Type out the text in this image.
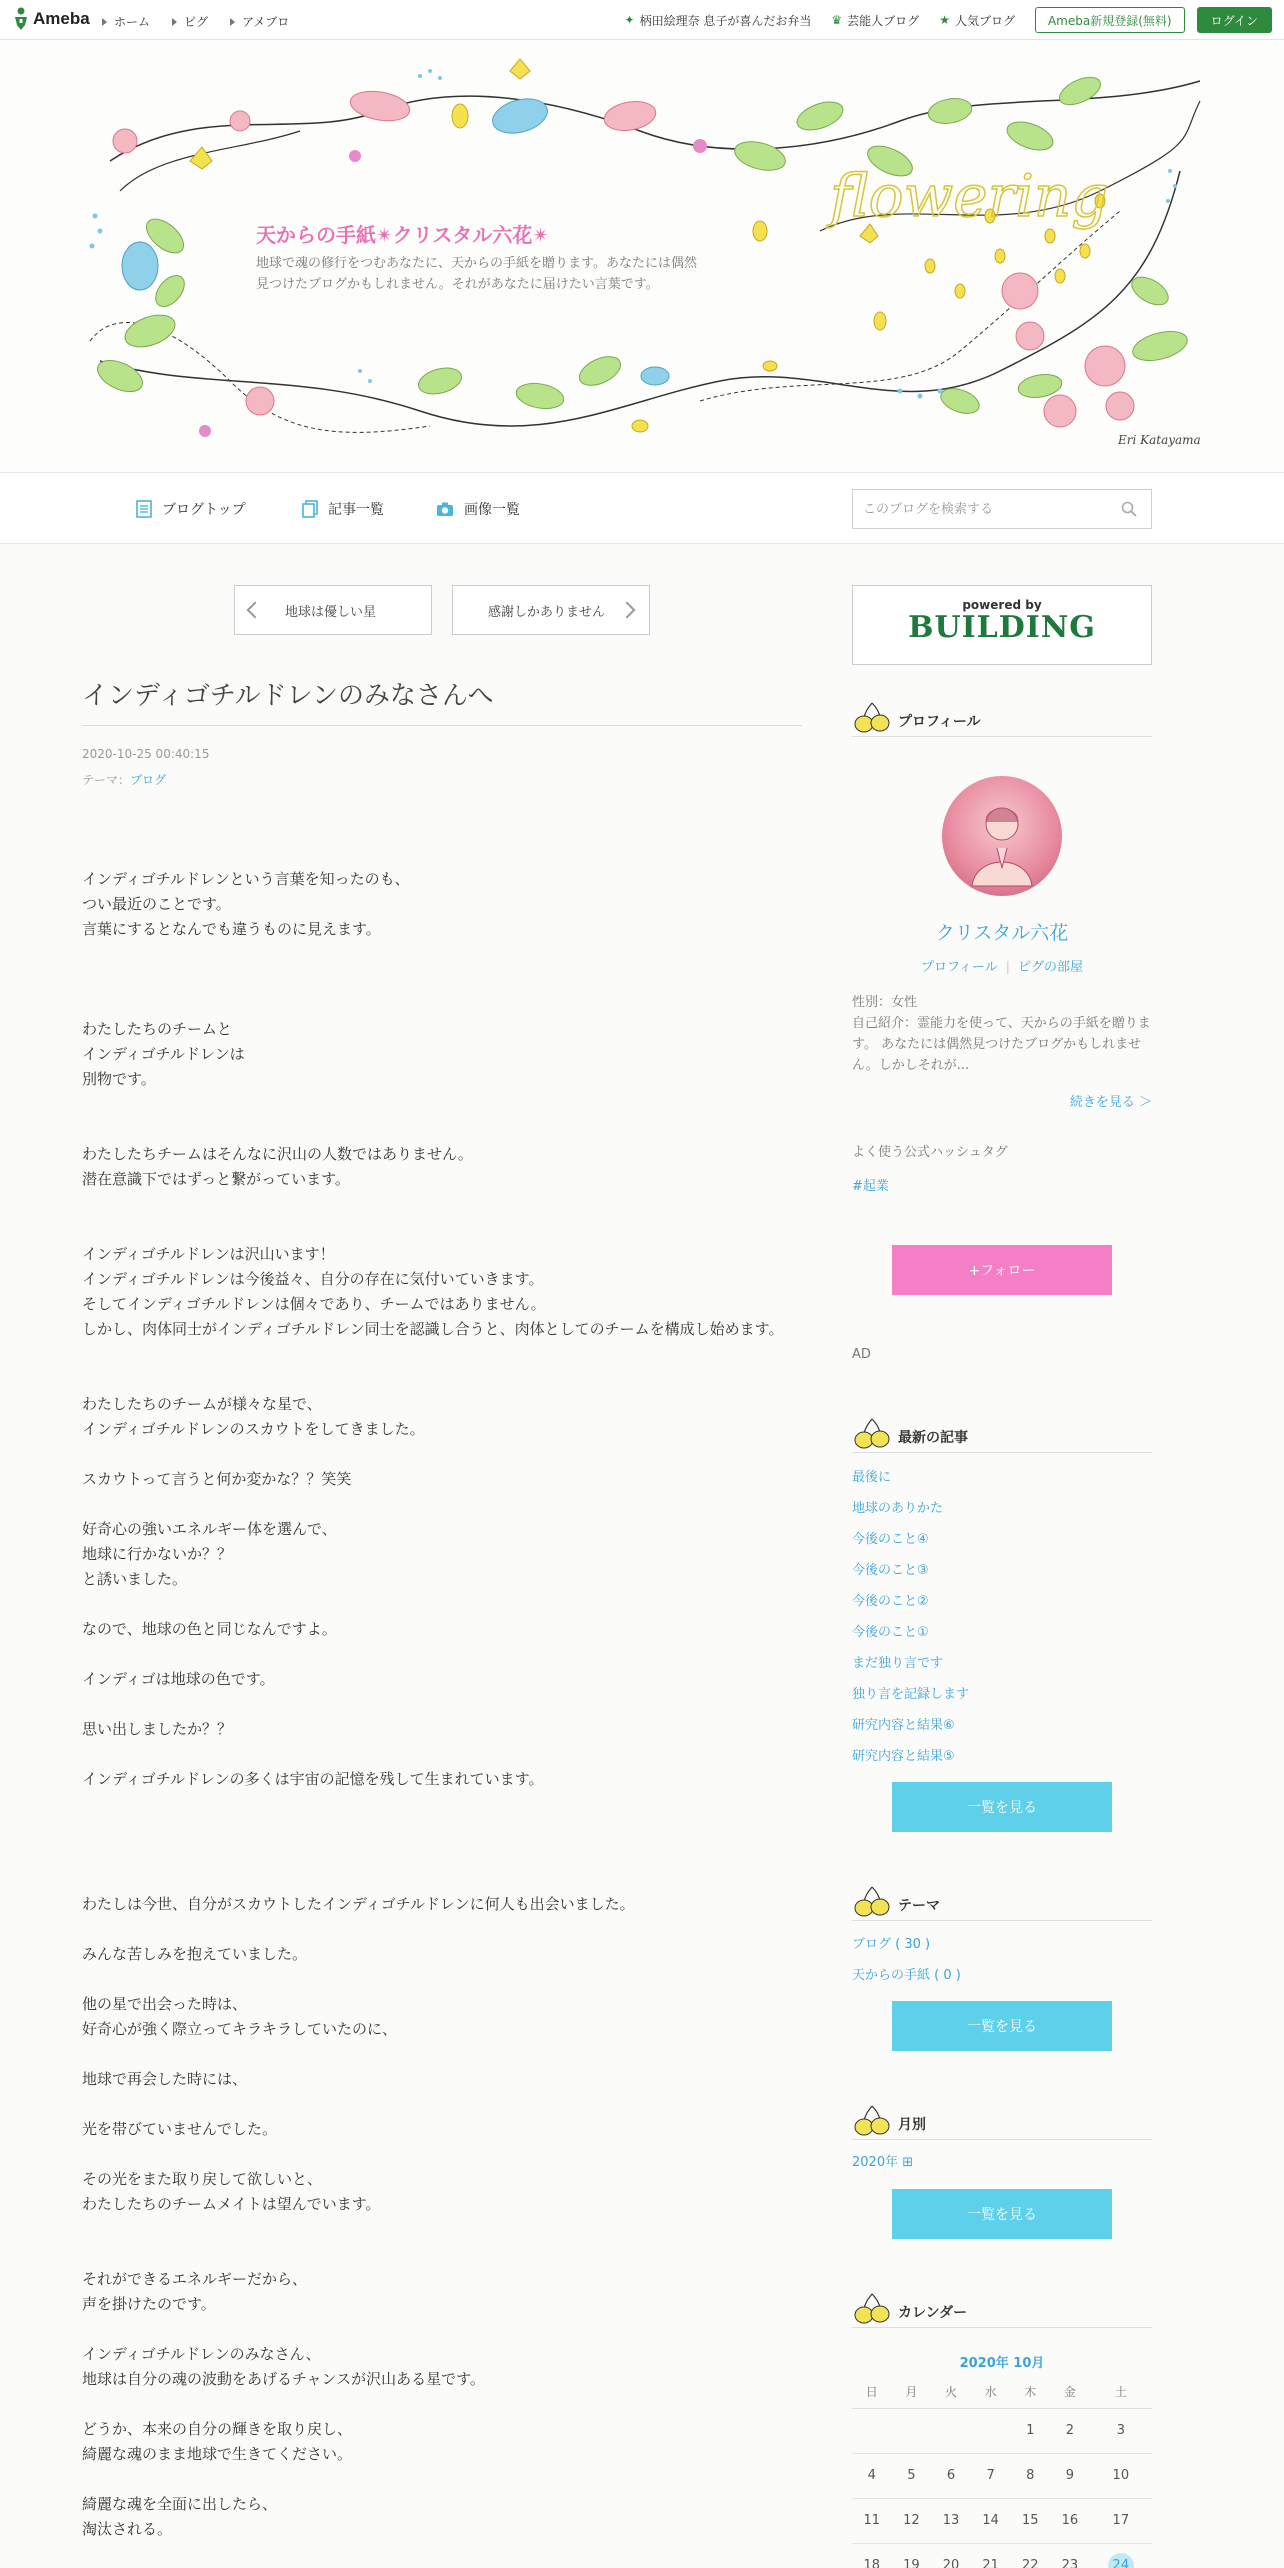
Ameba ホーム	ピグ	アメブロ	✦ 柄田絵理奈 息子が喜んだお弁当 ♛ 芸能人ブログ ★ 人気ブログ	Ameba新規登録(無料)	ログイン
flowering
天からの手紙✴︎クリスタル六花✴︎
地球で魂の修行をつむあなたに、天からの手紙を贈ります。あなたには偶然
見つけたブログかもしれません。それがあなたに届けたい言葉です。
Eri Katayama
ブログトップ	記事一覧	画像一覧
このブログを検索する
地球は優しい星	感謝しかありません
インディゴチルドレンのみなさんへ
2020-10-25 00:40:15
テーマ：ブログ

インディゴチルドレンという言葉を知ったのも、

つい最近のことです。

言葉にするとなんでも違うものに見えます。

わたしたちのチームと

インディゴチルドレンは

別物です。

わたしたちチームはそんなに沢山の人数ではありません。

潜在意識下ではずっと繋がっています。

インディゴチルドレンは沢山います！

インディゴチルドレンは今後益々、自分の存在に気付いていきます。

そしてインディゴチルドレンは個々であり、チームではありません。

しかし、肉体同士がインディゴチルドレン同士を認識し合うと、肉体としてのチームを構成し始めます。

わたしたちのチームが様々な星で、

インディゴチルドレンのスカウトをしてきました。

スカウトって言うと何か変かな？？笑笑

好奇心の強いエネルギー体を選んで、

地球に行かないか？？

と誘いました。

なので、地球の色と同じなんですよ。

インディゴは地球の色です。

思い出しましたか？？

インディゴチルドレンの多くは宇宙の記憶を残して生まれています。

わたしは今世、自分がスカウトしたインディゴチルドレンに何人も出会いました。

みんな苦しみを抱えていました。

他の星で出会った時は、

好奇心が強く際立ってキラキラしていたのに、

地球で再会した時には、

光を帯びていませんでした。

その光をまた取り戻して欲しいと、

わたしたちのチームメイトは望んでいます。

それができるエネルギーだから、

声を掛けたのです。

インディゴチルドレンのみなさん、

地球は自分の魂の波動をあげるチャンスが沢山ある星です。

どうか、本来の自分の輝きを取り戻し、

綺麗な魂のまま地球で生きてください。

綺麗な魂を全面に出したら、

淘汰される。

powered by
BUILDING
プロフィール
クリスタル六花
プロフィール | ピグの部屋
性別：女性
自己紹介：霊能力を使って、天からの手紙を贈ります。 あなたには偶然見つけたブログかもしれません。しかしそれが...
続きを見る ＞
よく使う公式ハッシュタグ
#起業
+フォロー
AD
最新の記事
最後に
地球のありかた
今後のこと④
今後のこと③
今後のこと②
今後のこと①
まだ独り言です
独り言を記録します
研究内容と結果⑥
研究内容と結果⑤
一覧を見る
テーマ
ブログ ( 30 )
天からの手紙 ( 0 )
一覧を見る
月別
2020年 ⊞
一覧を見る
カレンダー
2020年 10月
日	月	火	水	木	金	土
				1	2	3
4	5	6	7	8	9	10
11	12	13	14	15	16	17
18	19	20	21	22	23	24
